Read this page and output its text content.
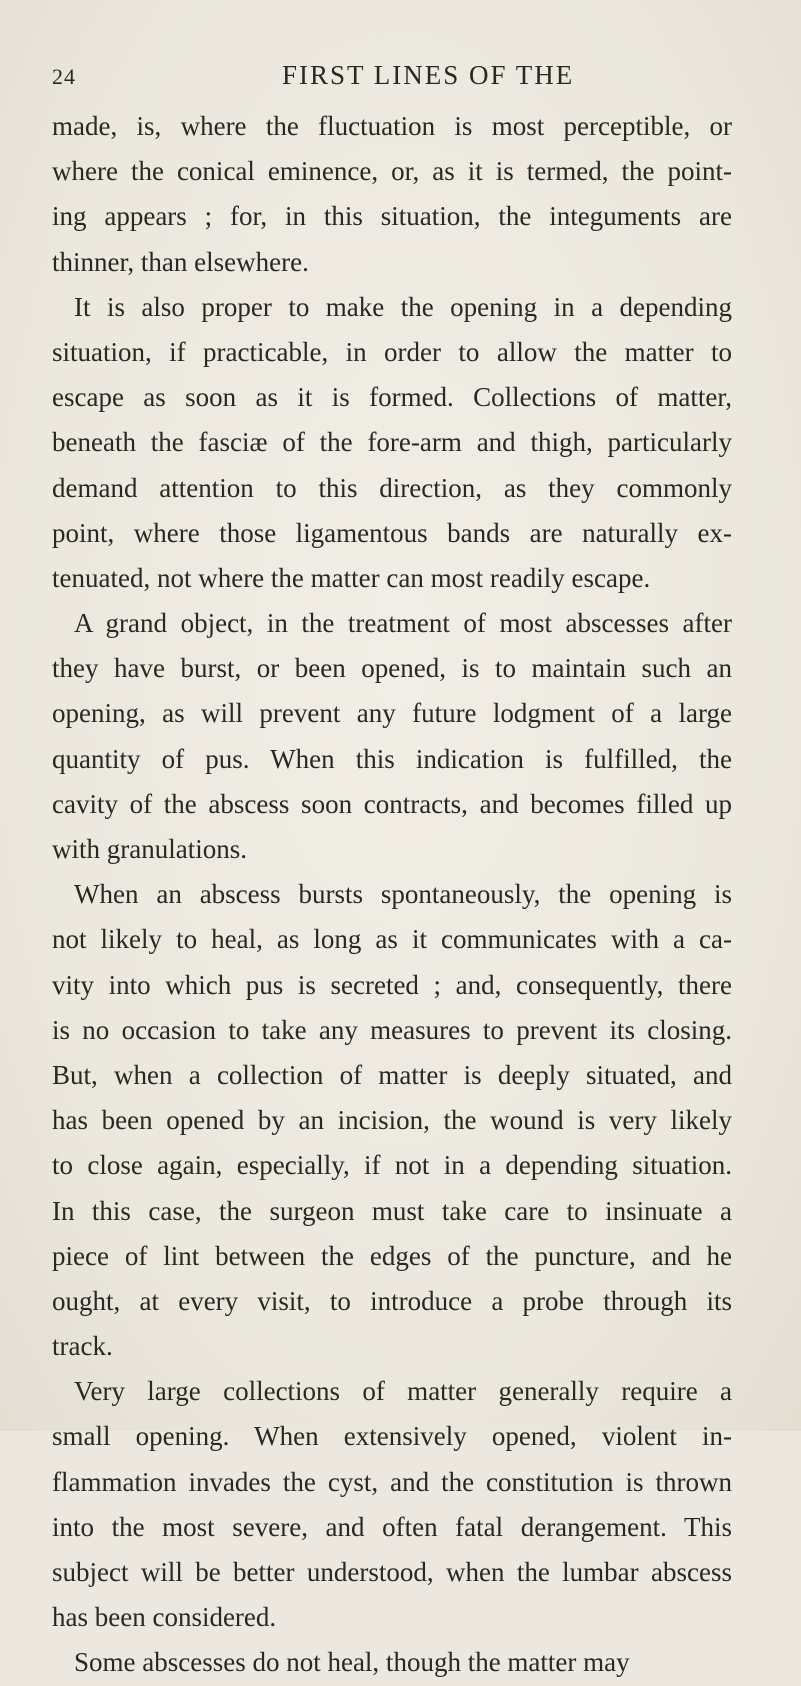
24	FIRST LINES OF THE
made, is, where the fluctuation is most perceptible, or
where the conical eminence, or, as it is termed, the point-
ing appears ; for, in this situation, the integuments are
thinner, than elsewhere.
It is also proper to make the opening in a depending
situation, if practicable, in order to allow the matter to
escape as soon as it is formed. Collections of matter,
beneath the fasciæ of the fore-arm and thigh, particularly
demand attention to this direction, as they commonly
point, where those ligamentous bands are naturally ex-
tenuated, not where the matter can most readily escape.
A grand object, in the treatment of most abscesses after
they have burst, or been opened, is to maintain such an
opening, as will prevent any future lodgment of a large
quantity of pus. When this indication is fulfilled, the
cavity of the abscess soon contracts, and becomes filled up
with granulations.
When an abscess bursts spontaneously, the opening is
not likely to heal, as long as it communicates with a ca-
vity into which pus is secreted ; and, consequently, there
is no occasion to take any measures to prevent its closing.
But, when a collection of matter is deeply situated, and
has been opened by an incision, the wound is very likely
to close again, especially, if not in a depending situation.
In this case, the surgeon must take care to insinuate a
piece of lint between the edges of the puncture, and he
ought, at every visit, to introduce a probe through its
track.
Very large collections of matter generally require a
small opening. When extensively opened, violent in-
flammation invades the cyst, and the constitution is thrown
into the most severe, and often fatal derangement. This
subject will be better understood, when the lumbar abscess
has been considered.
Some abscesses do not heal, though the matter may
